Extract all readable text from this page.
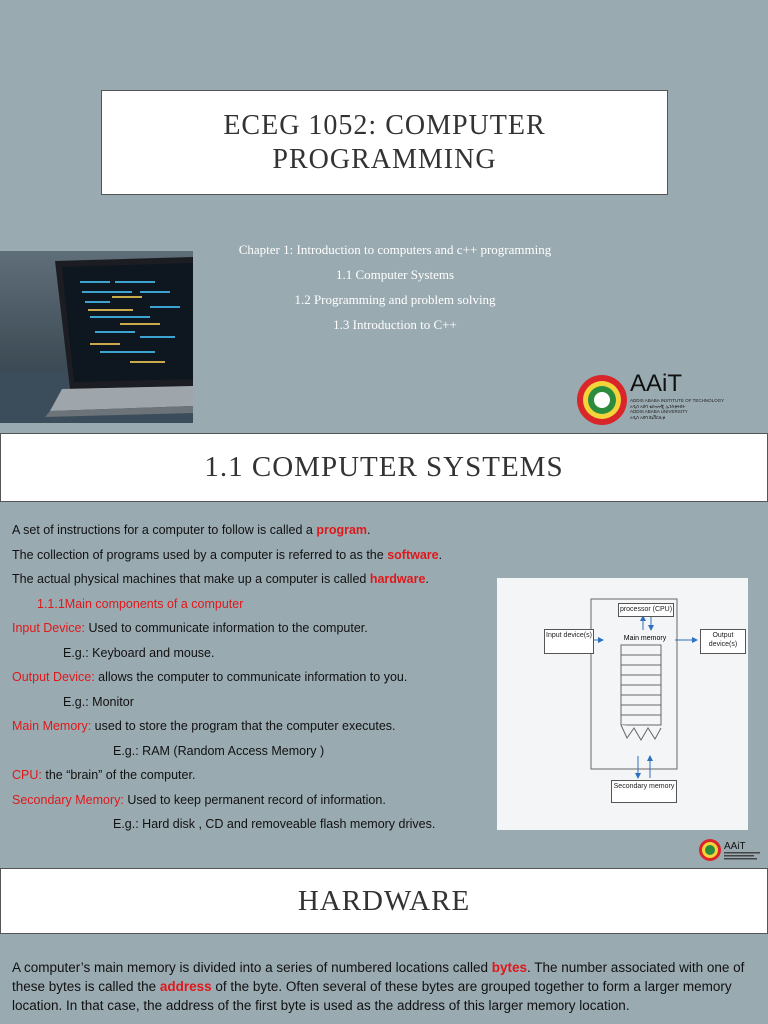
ECEG 1052: COMPUTER
PROGRAMMING
Chapter 1: Introduction to computers and c++ programming
1.1 Computer Systems
1.2 Programming and problem solving
1.3 Introduction to C++
AAiT
ADDIS ABABA INSTITUTE OF TECHNOLOGY
አዲስ አበባ ቴክኖሎጂ ኢንስቲትዩት
ADDIS ABABA UNIVERSITY
አዲስ አበባ ዩኒቨርሲቲ
1.1 COMPUTER SYSTEMS
A set of instructions for a computer to follow is called a program.
The collection of programs used by a computer is referred to as the software.
The actual physical machines that make up a computer is called hardware.
1.1.1Main components of a computer
Input Device: Used to communicate information to the computer.
E.g.: Keyboard and mouse.
Output Device: allows the computer to communicate information to you.
E.g.: Monitor
Main Memory: used to store the program that the computer executes.
E.g.: RAM (Random Access Memory )
CPU: the “brain” of the computer.
Secondary Memory: Used to keep permanent record of information.
E.g.: Hard disk , CD and removeable flash memory drives.
processor (CPU)
Main memory
Input device(s)	Output device(s)
Secondary memory
AAiT
HARDWARE
A computer’s main memory is divided into a series of numbered locations called bytes. The number associated with one of these bytes is called the address of the byte. Often several of these bytes are grouped together to form a larger memory location. In that case, the address of the first byte is used as the address of this larger memory location.
